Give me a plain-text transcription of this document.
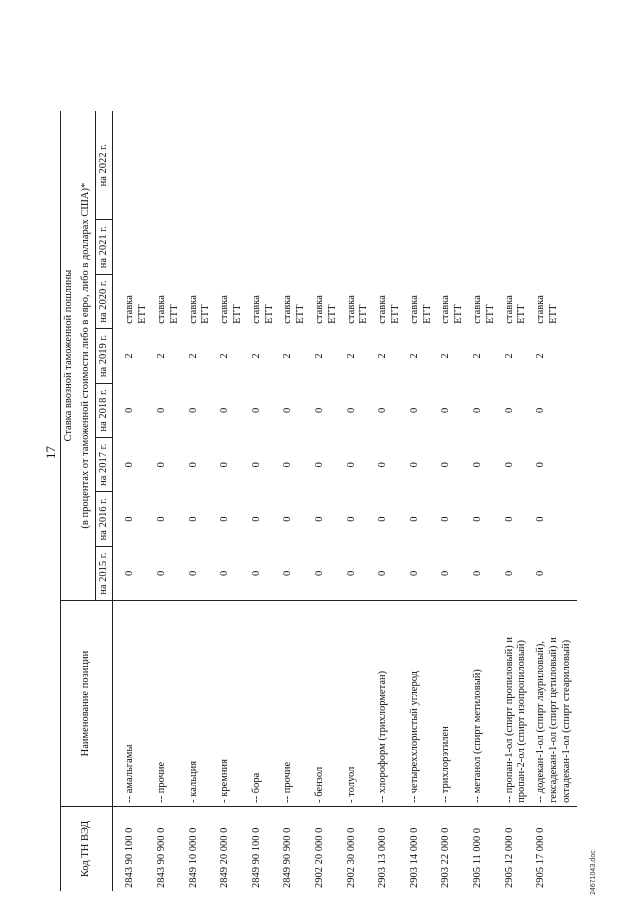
17
Код ТН ВЭД	Наименование позиции	Ставка ввозной таможенной пошлины							
		(в процентах от таможенной стоимости либо в евро, либо в долларах США)*							
		на 2015 г.	на 2016 г.	на 2017 г.	на 2018 г.	на 2019 г.	на 2020 г.	на 2021 г.	на 2022 г.
2843 90 100 0	-- амальгамы	0	0	0	0	2	ставка ЕТТ		
2843 90 900 0	-- прочие	0	0	0	0	2	ставка ЕТТ		
2849 10 000 0	- кальция	0	0	0	0	2	ставка ЕТТ		
2849 20 000 0	- кремния	0	0	0	0	2	ставка ЕТТ		
2849 90 100 0	-- бора	0	0	0	0	2	ставка ЕТТ		
2849 90 900 0	-- прочие	0	0	0	0	2	ставка ЕТТ		
2902 20 000 0	- бензол	0	0	0	0	2	ставка ЕТТ		
2902 30 000 0	- толуол	0	0	0	0	2	ставка ЕТТ		
2903 13 000 0	-- хлороформ (трихлорметан)	0	0	0	0	2	ставка ЕТТ		
2903 14 000 0	-- четыреххлористый углерод	0	0	0	0	2	ставка ЕТТ		
2903 22 000 0	-- трихлорэтилен	0	0	0	0	2	ставка ЕТТ		
2905 11 000 0	-- метанол (спирт метиловый)	0	0	0	0	2	ставка ЕТТ		
2905 12 000 0	-- пропан-1-ол (спирт пропиловый) и пропан-2-ол (спирт изопропиловый)	0	0	0	0	2	ставка ЕТТ		
2905 17 000 0	-- додекан-1-ол (спирт лауриловый), гексадекан-1-ол (спирт цетиловый) и октадекан-1-ол (спирт стеариловый)	0	0	0	0	2	ставка ЕТТ		
2467104З.doc
